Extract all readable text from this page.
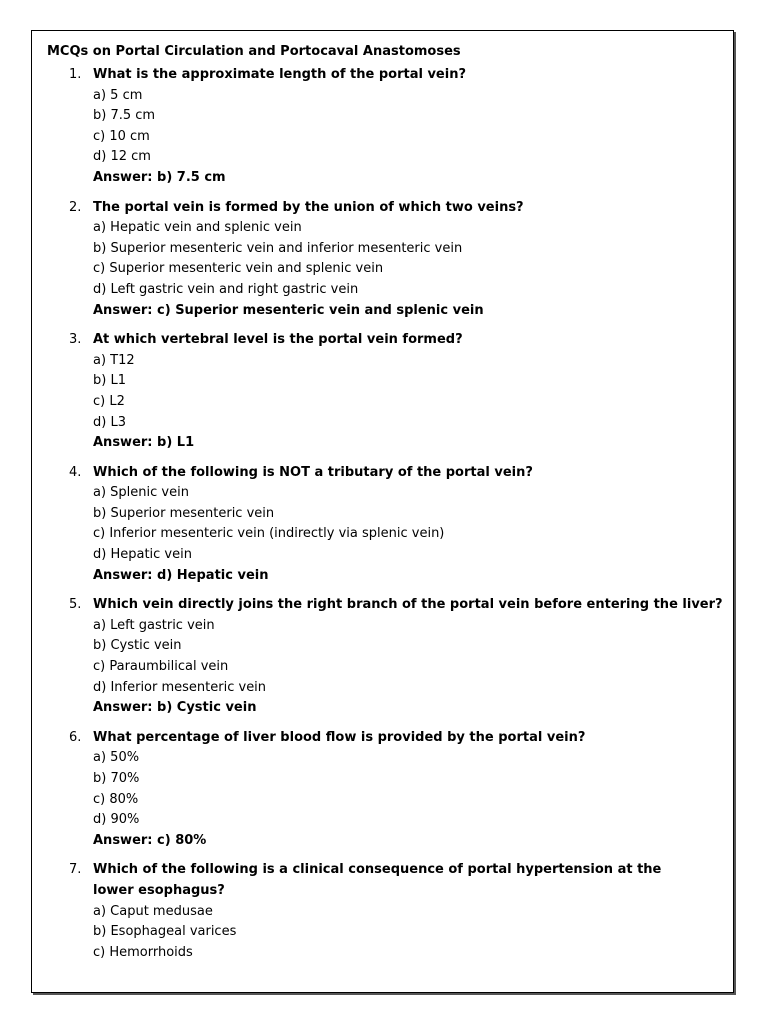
MCQs on Portal Circulation and Portocaval Anastomoses
1. What is the approximate length of the portal vein?
a) 5 cm
b) 7.5 cm
c) 10 cm
d) 12 cm
Answer: b) 7.5 cm
2. The portal vein is formed by the union of which two veins?
a) Hepatic vein and splenic vein
b) Superior mesenteric vein and inferior mesenteric vein
c) Superior mesenteric vein and splenic vein
d) Left gastric vein and right gastric vein
Answer: c) Superior mesenteric vein and splenic vein
3. At which vertebral level is the portal vein formed?
a) T12
b) L1
c) L2
d) L3
Answer: b) L1
4. Which of the following is NOT a tributary of the portal vein?
a) Splenic vein
b) Superior mesenteric vein
c) Inferior mesenteric vein (indirectly via splenic vein)
d) Hepatic vein
Answer: d) Hepatic vein
5. Which vein directly joins the right branch of the portal vein before entering the liver?
a) Left gastric vein
b) Cystic vein
c) Paraumbilical vein
d) Inferior mesenteric vein
Answer: b) Cystic vein
6. What percentage of liver blood flow is provided by the portal vein?
a) 50%
b) 70%
c) 80%
d) 90%
Answer: c) 80%
7. Which of the following is a clinical consequence of portal hypertension at the lower esophagus?
a) Caput medusae
b) Esophageal varices
c) Hemorrhoids
